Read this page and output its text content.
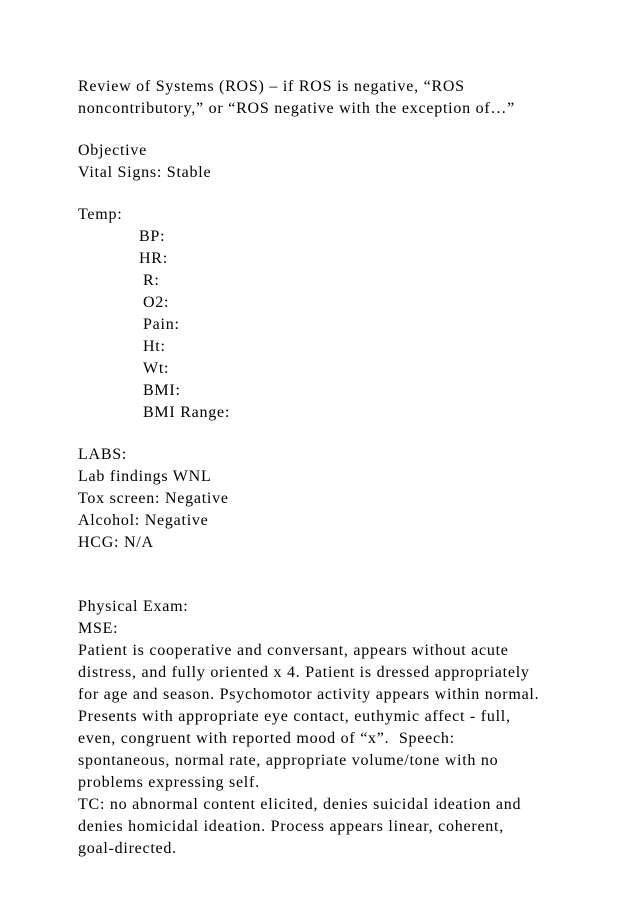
Review of Systems (ROS) – if ROS is negative, “ROS

noncontributory,” or “ROS negative with the exception of…”

Objective

Vital Signs: Stable

Temp:

BP:

HR:

R:

O2:

Pain:

Ht:

Wt:

BMI:

BMI Range:

LABS:

Lab findings WNL

Tox screen: Negative

Alcohol: Negative

HCG: N/A

Physical Exam:

MSE:

Patient is cooperative and conversant, appears without acute

distress, and fully oriented x 4. Patient is dressed appropriately

for age and season. Psychomotor activity appears within normal.

Presents with appropriate eye contact, euthymic affect - full,

even, congruent with reported mood of “x”.  Speech:

spontaneous, normal rate, appropriate volume/tone with no

problems expressing self.

TC: no abnormal content elicited, denies suicidal ideation and

denies homicidal ideation. Process appears linear, coherent,

goal-directed.
